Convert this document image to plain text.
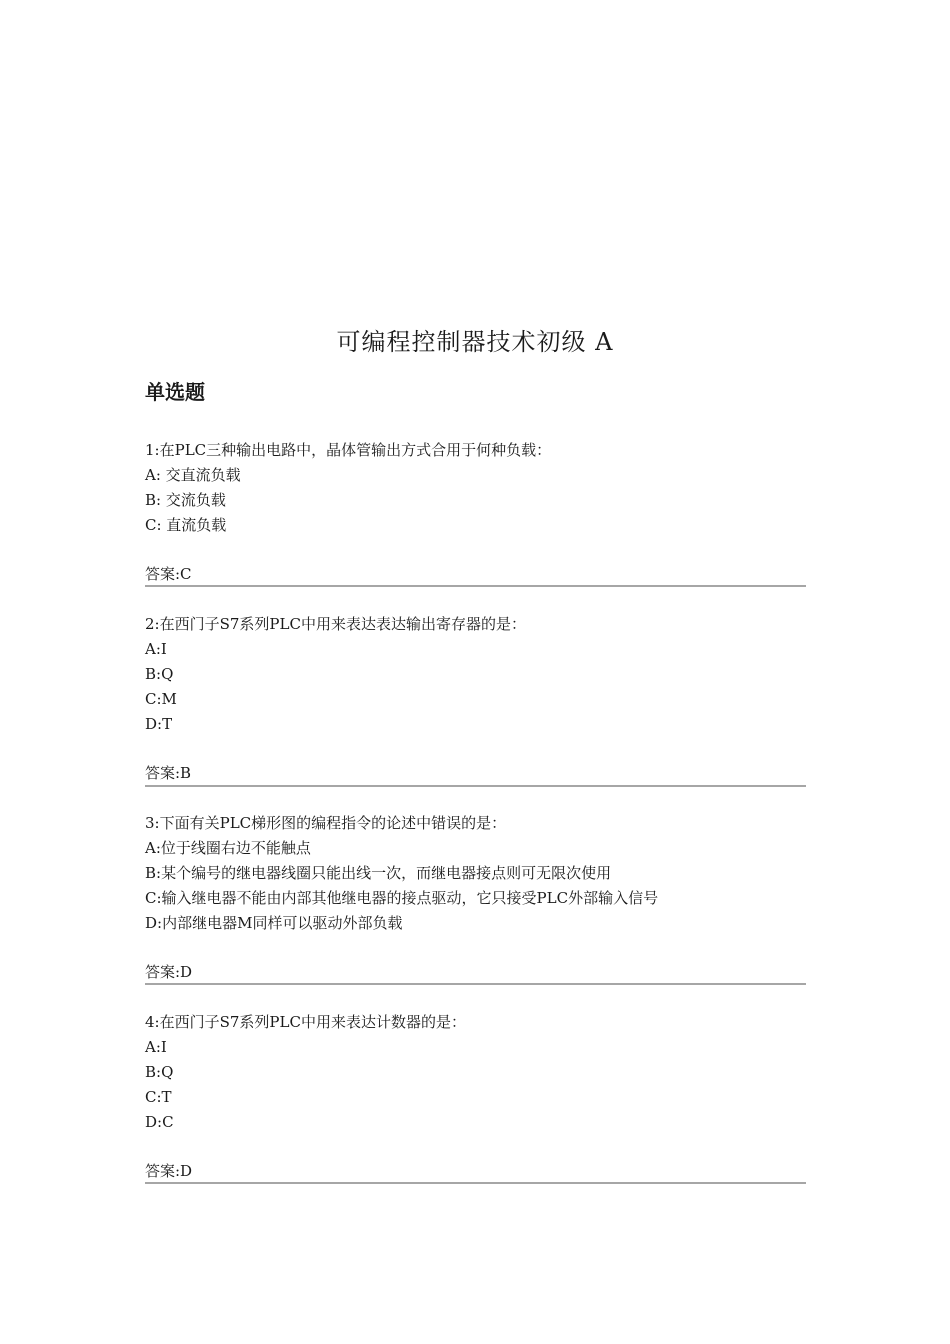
可编程控制器技术初级 A
单选题
1:在PLC三种输出电路中，晶体管输出方式合用于何种负载：
A: 交直流负载
B: 交流负载
C: 直流负载
答案:C
2:在西门子S7系列PLC中用来表达表达输出寄存器的是：
A:I
B:Q
C:M
D:T
答案:B
3:下面有关PLC梯形图的编程指令的论述中错误的是：
A:位于线圈右边不能触点
B:某个编号的继电器线圈只能出线一次，而继电器接点则可无限次使用
C:输入继电器不能由内部其他继电器的接点驱动，它只接受PLC外部输入信号
D:内部继电器M同样可以驱动外部负载
答案:D
4:在西门子S7系列PLC中用来表达计数器的是：
A:I
B:Q
C:T
D:C
答案:D
